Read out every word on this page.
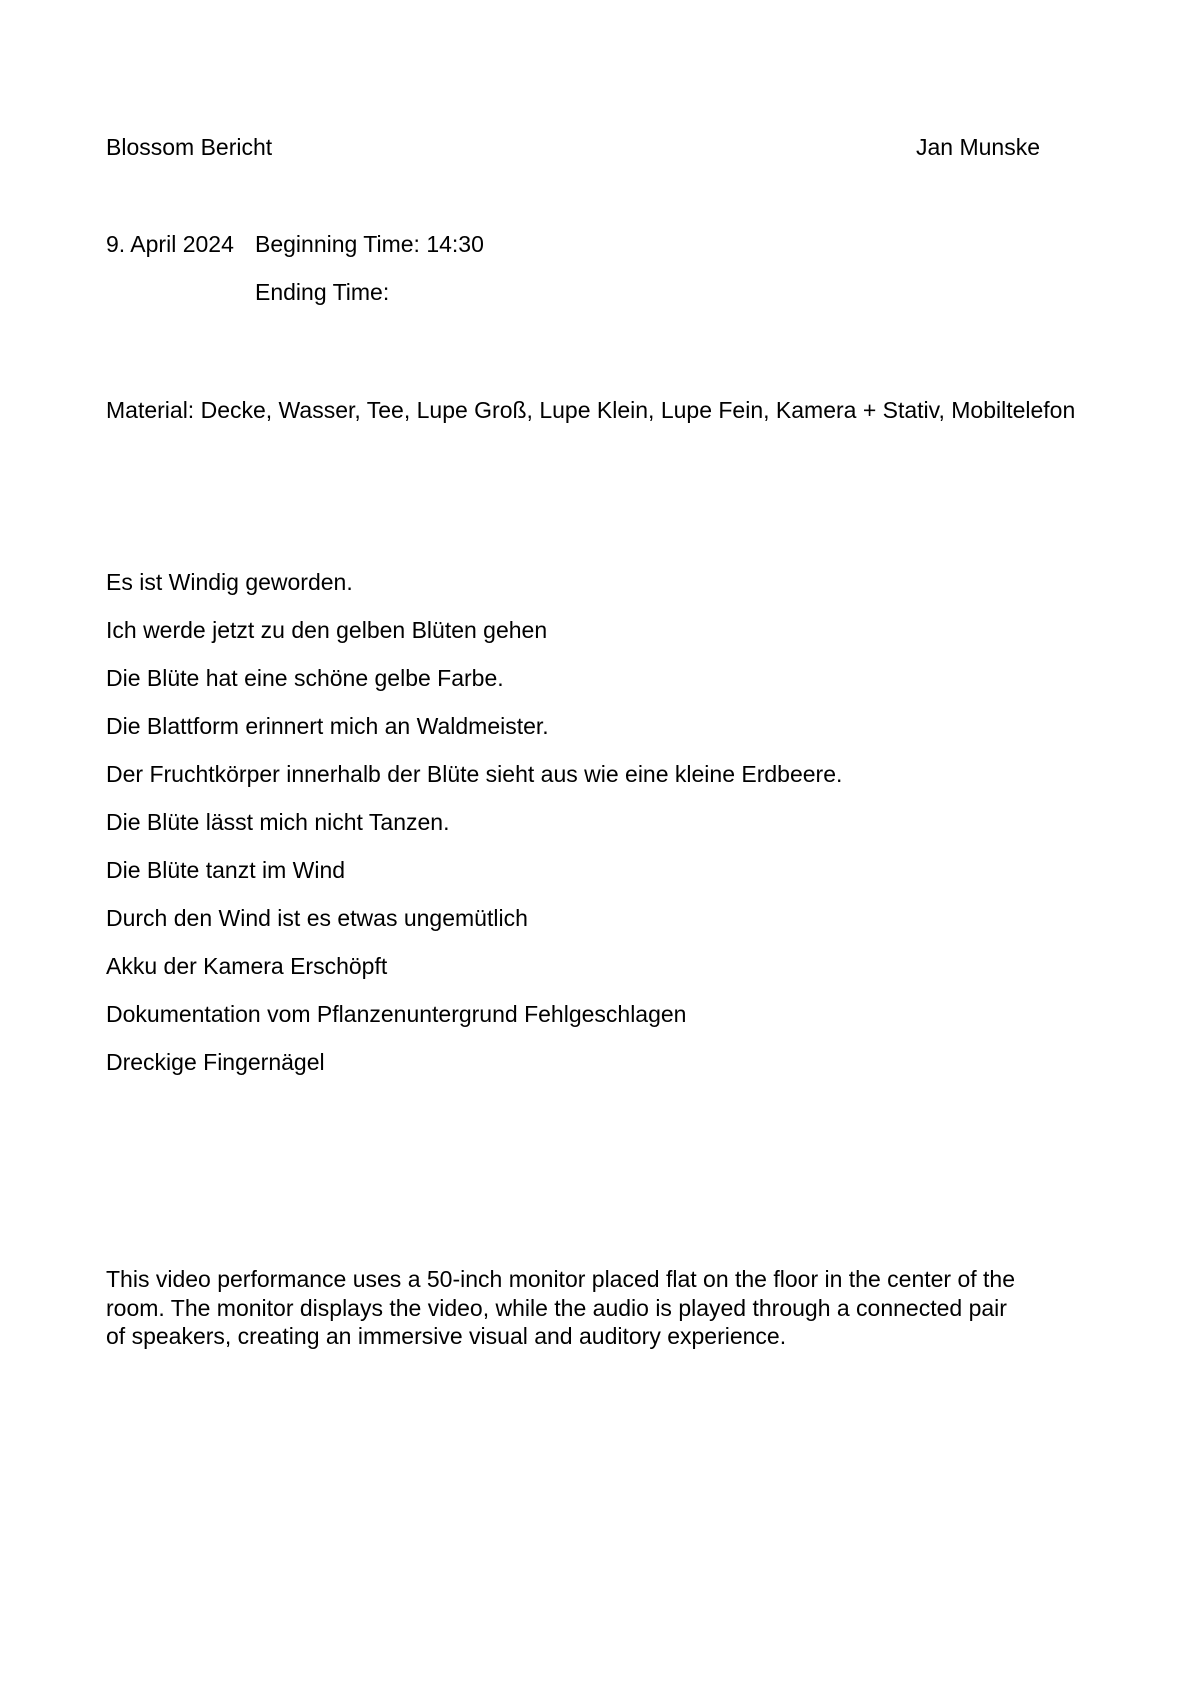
Blossom Bericht	Jan Munske
9. April 2024 Beginning Time: 14:30
Ending Time:

Material: Decke, Wasser, Tee, Lupe Groß, Lupe Klein, Lupe Fein, Kamera + Stativ, Mobiltelefon

Es ist Windig geworden.

Ich werde jetzt zu den gelben Blüten gehen

Die Blüte hat eine schöne gelbe Farbe.

Die Blattform erinnert mich an Waldmeister.

Der Fruchtkörper innerhalb der Blüte sieht aus wie eine kleine Erdbeere.

Die Blüte lässt mich nicht Tanzen.

Die Blüte tanzt im Wind

Durch den Wind ist es etwas ungemütlich

Akku der Kamera Erschöpft

Dokumentation vom Pflanzenuntergrund Fehlgeschlagen

Dreckige Fingernägel

This video performance uses a 50-inch monitor placed flat on the floor in the center of the room. The monitor displays the video, while the audio is played through a connected pair of speakers, creating an immersive visual and auditory experience.
